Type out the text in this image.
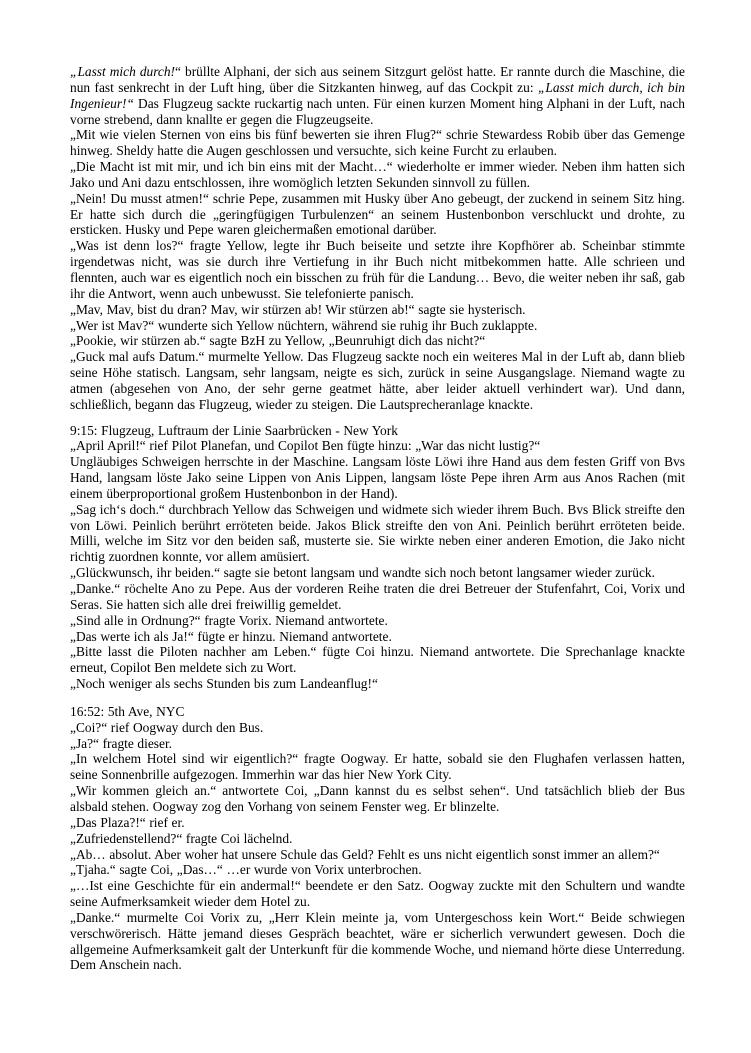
„Lasst mich durch!“ brüllte Alphani, der sich aus seinem Sitzgurt gelöst hatte. Er rannte durch die Maschine, die nun fast senkrecht in der Luft hing, über die Sitzkanten hinweg, auf das Cockpit zu: „Lasst mich durch, ich bin Ingenieur!“ Das Flugzeug sackte ruckartig nach unten. Für einen kurzen Moment hing Alphani in der Luft, nach vorne strebend, dann knallte er gegen die Flugzeugseite.

„Mit wie vielen Sternen von eins bis fünf bewerten sie ihren Flug?“ schrie Stewardess Robib über das Gemenge hinweg. Sheldy hatte die Augen geschlossen und versuchte, sich keine Furcht zu erlauben.

„Die Macht ist mit mir, und ich bin eins mit der Macht…“ wiederholte er immer wieder. Neben ihm hatten sich Jako und Ani dazu entschlossen, ihre womöglich letzten Sekunden sinnvoll zu füllen.

„Nein! Du musst atmen!“ schrie Pepe, zusammen mit Husky über Ano gebeugt, der zuckend in seinem Sitz hing. Er hatte sich durch die „geringfügigen Turbulenzen“ an seinem Hustenbonbon verschluckt und drohte, zu ersticken. Husky und Pepe waren gleichermaßen emotional darüber.

„Was ist denn los?“ fragte Yellow, legte ihr Buch beiseite und setzte ihre Kopfhörer ab. Scheinbar stimmte irgendetwas nicht, was sie durch ihre Vertiefung in ihr Buch nicht mitbekommen hatte. Alle schrieen und flennten, auch war es eigentlich noch ein bisschen zu früh für die Landung… Bevo, die weiter neben ihr saß, gab ihr die Antwort, wenn auch unbewusst. Sie telefonierte panisch.

„Mav, Mav, bist du dran? Mav, wir stürzen ab! Wir stürzen ab!“ sagte sie hysterisch.

„Wer ist Mav?“ wunderte sich Yellow nüchtern, während sie ruhig ihr Buch zuklappte.

„Pookie, wir stürzen ab.“ sagte BzH zu Yellow, „Beunruhigt dich das nicht?“

„Guck mal aufs Datum.“ murmelte Yellow. Das Flugzeug sackte noch ein weiteres Mal in der Luft ab, dann blieb seine Höhe statisch. Langsam, sehr langsam, neigte es sich, zurück in seine Ausgangslage. Niemand wagte zu atmen (abgesehen von Ano, der sehr gerne geatmet hätte, aber leider aktuell verhindert war). Und dann, schließlich, begann das Flugzeug, wieder zu steigen. Die Lautsprecheranlage knackte.

9:15: Flugzeug, Luftraum der Linie Saarbrücken - New York

„April April!“ rief Pilot Planefan, und Copilot Ben fügte hinzu: „War das nicht lustig?“

Ungläubiges Schweigen herrschte in der Maschine. Langsam löste Löwi ihre Hand aus dem festen Griff von Bvs Hand, langsam löste Jako seine Lippen von Anis Lippen, langsam löste Pepe ihren Arm aus Anos Rachen (mit einem überproportional großem Hustenbonbon in der Hand).

„Sag ich‘s doch.“ durchbrach Yellow das Schweigen und widmete sich wieder ihrem Buch. Bvs Blick streifte den von Löwi. Peinlich berührt erröteten beide. Jakos Blick streifte den von Ani. Peinlich berührt erröteten beide. Milli, welche im Sitz vor den beiden saß, musterte sie. Sie wirkte neben einer anderen Emotion, die Jako nicht richtig zuordnen konnte, vor allem amüsiert.

„Glückwunsch, ihr beiden.“ sagte sie betont langsam und wandte sich noch betont langsamer wieder zurück.

„Danke.“ röchelte Ano zu Pepe. Aus der vorderen Reihe traten die drei Betreuer der Stufenfahrt, Coi, Vorix und Seras. Sie hatten sich alle drei freiwillig gemeldet.

„Sind alle in Ordnung?“ fragte Vorix. Niemand antwortete.

„Das werte ich als Ja!“ fügte er hinzu. Niemand antwortete.

„Bitte lasst die Piloten nachher am Leben.“ fügte Coi hinzu. Niemand antwortete. Die Sprechanlage knackte erneut, Copilot Ben meldete sich zu Wort.

„Noch weniger als sechs Stunden bis zum Landeanflug!“

16:52: 5th Ave, NYC

„Coi?“ rief Oogway durch den Bus.

„Ja?“ fragte dieser.

„In welchem Hotel sind wir eigentlich?“ fragte Oogway. Er hatte, sobald sie den Flughafen verlassen hatten, seine Sonnenbrille aufgezogen. Immerhin war das hier New York City.

„Wir kommen gleich an.“ antwortete Coi, „Dann kannst du es selbst sehen“. Und tatsächlich blieb der Bus alsbald stehen. Oogway zog den Vorhang von seinem Fenster weg. Er blinzelte.

„Das Plaza?!“ rief er.

„Zufriedenstellend?“ fragte Coi lächelnd.

„Ab… absolut. Aber woher hat unsere Schule das Geld? Fehlt es uns nicht eigentlich sonst immer an allem?“

„Tjaha.“ sagte Coi, „Das…“ …er wurde von Vorix unterbrochen.

„…Ist eine Geschichte für ein andermal!“ beendete er den Satz. Oogway zuckte mit den Schultern und wandte seine Aufmerksamkeit wieder dem Hotel zu.

„Danke.“ murmelte Coi Vorix zu, „Herr Klein meinte ja, vom Untergeschoss kein Wort.“ Beide schwiegen verschwörerisch. Hätte jemand dieses Gespräch beachtet, wäre er sicherlich verwundert gewesen. Doch die allgemeine Aufmerksamkeit galt der Unterkunft für die kommende Woche, und niemand hörte diese Unterredung. Dem Anschein nach.
